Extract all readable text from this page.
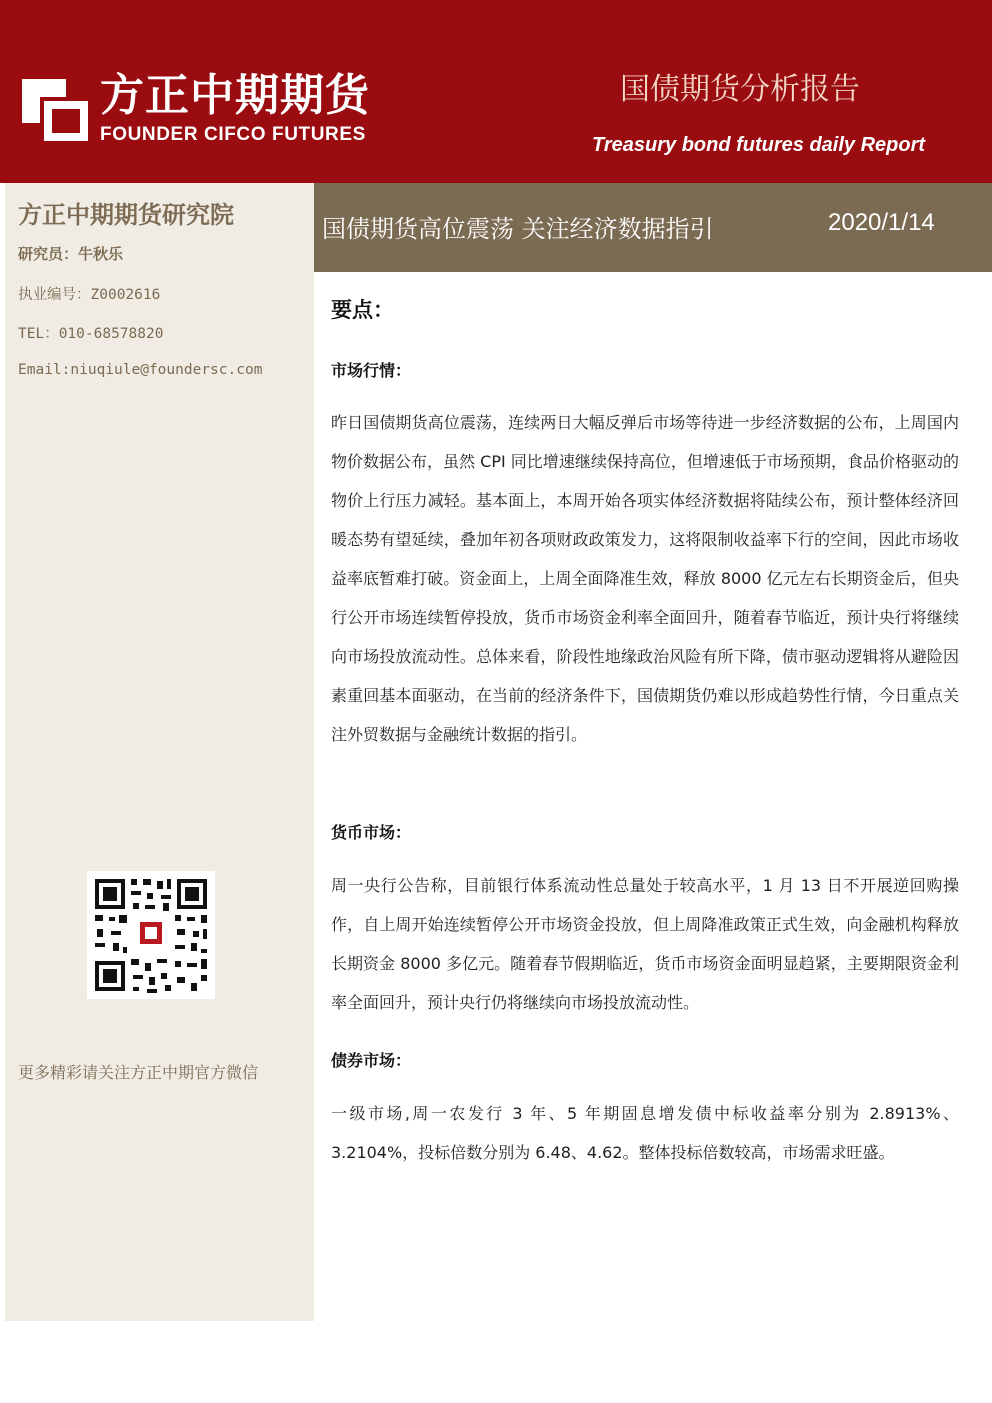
方正中期期货
FOUNDER CIFCO FUTURES
国债期货分析报告
Treasury bond futures daily Report
方正中期期货研究院
研究员：牛秋乐
执业编号：Z0002616
TEL：010-68578820
Email:niuqiule@foundersc.com
更多精彩请关注方正中期官方微信
国债期货高位震荡 关注经济数据指引	2020/1/14
要点：
市场行情：
昨日国债期货高位震荡，连续两日大幅反弹后市场等待进一步经济数据的公布，上周国内物价数据公布，虽然 CPI 同比增速继续保持高位，但增速低于市场预期，食品价格驱动的物价上行压力减轻。基本面上，本周开始各项实体经济数据将陆续公布，预计整体经济回暖态势有望延续，叠加年初各项财政政策发力，这将限制收益率下行的空间，因此市场收益率底暂难打破。资金面上，上周全面降准生效，释放 8000 亿元左右长期资金后，但央行公开市场连续暂停投放，货币市场资金利率全面回升，随着春节临近，预计央行将继续向市场投放流动性。总体来看，阶段性地缘政治风险有所下降，债市驱动逻辑将从避险因素重回基本面驱动，在当前的经济条件下，国债期货仍难以形成趋势性行情，今日重点关注外贸数据与金融统计数据的指引。
货币市场：
周一央行公告称，目前银行体系流动性总量处于较高水平，1 月 13 日不开展逆回购操作，自上周开始连续暂停公开市场资金投放，但上周降准政策正式生效，向金融机构释放长期资金 8000 多亿元。随着春节假期临近，货币市场资金面明显趋紧，主要期限资金利率全面回升，预计央行仍将继续向市场投放流动性。
债券市场：
一级市场,周一农发行 3 年、5 年期固息增发债中标收益率分别为 2.8913%、3.2104%，投标倍数分别为 6.48、4.62。整体投标倍数较高，市场需求旺盛。
